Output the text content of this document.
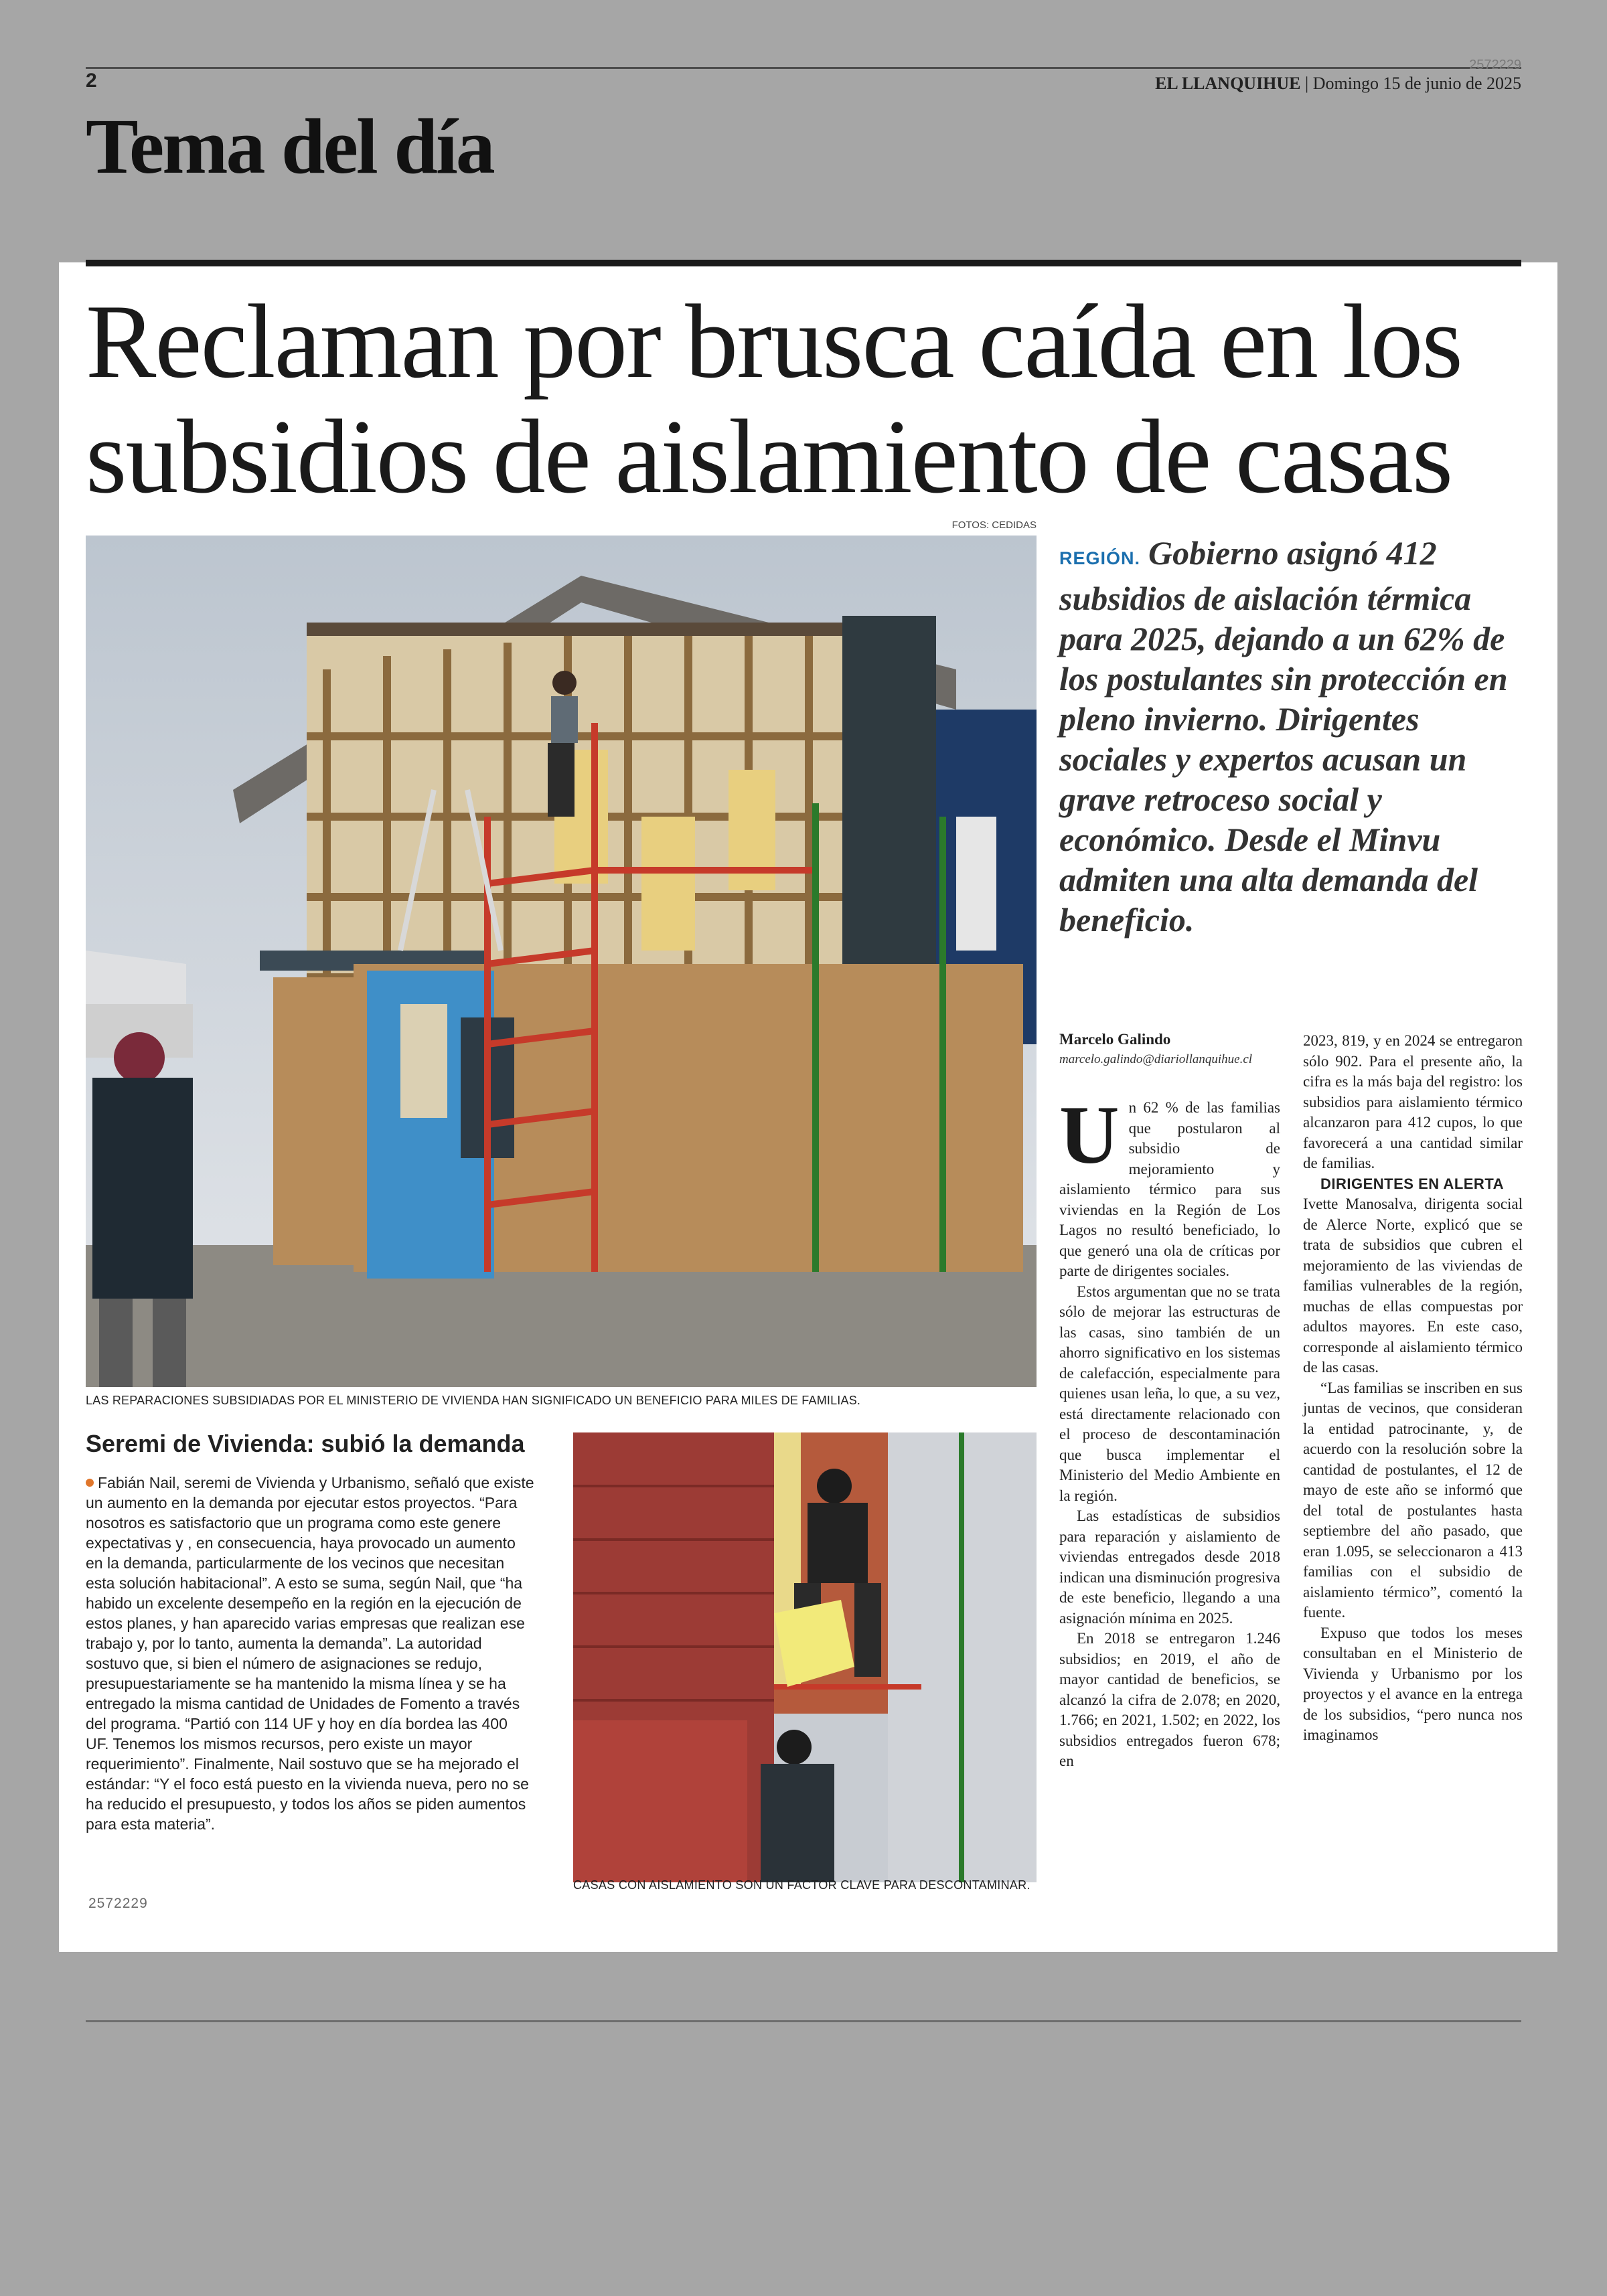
2572229
2	EL LLANQUIHUE | Domingo 15 de junio de 2025
Tema del día
Reclaman por brusca caída en los
subsidios de aislamiento de casas
FOTOS: CEDIDAS
LAS REPARACIONES SUBSIDIADAS POR EL MINISTERIO DE VIVIENDA HAN SIGNIFICADO UN BENEFICIO PARA MILES DE FAMILIAS.
REGIÓN. Gobierno asignó 412 subsidios de aislación térmica para 2025, dejando a un 62% de los postulantes sin protección en pleno invierno. Dirigentes sociales y expertos acusan un grave retroceso social y económico. Desde el Minvu admiten una alta demanda del beneficio.
Marcelo Galindo
marcelo.galindo@diariollanquihue.cl

Un 62 % de las familias que postularon al subsidio de mejoramiento y aislamiento térmico para sus viviendas en la Región de Los Lagos no resultó beneficiado, lo que generó una ola de críticas por parte de dirigentes sociales.

Estos argumentan que no se trata sólo de mejorar las estructuras de las casas, sino también de un ahorro significativo en los sistemas de calefacción, especialmente para quienes usan leña, lo que, a su vez, está directamente relacionado con el proceso de descontaminación que busca implementar el Ministerio del Medio Ambiente en la región.

Las estadísticas de subsidios para reparación y aislamiento de viviendas entregados desde 2018 indican una disminución progresiva de este beneficio, llegando a una asignación mínima en 2025.

En 2018 se entregaron 1.246 subsidios; en 2019, el año de mayor cantidad de beneficios, se alcanzó la cifra de 2.078; en 2020, 1.766; en 2021, 1.502; en 2022, los subsidios entregados fueron 678; en

2023, 819, y en 2024 se entregaron sólo 902. Para el presente año, la cifra es la más baja del registro: los subsidios para aislamiento térmico alcanzaron para 412 cupos, lo que favorecerá a una cantidad similar de familias.

DIRIGENTES EN ALERTA

Ivette Manosalva, dirigenta social de Alerce Norte, explicó que se trata de subsidios que cubren el mejoramiento de las viviendas de familias vulnerables de la región, muchas de ellas compuestas por adultos mayores. En este caso, corresponde al aislamiento térmico de las casas.

“Las familias se inscriben en sus juntas de vecinos, que consideran la entidad patrocinante, y, de acuerdo con la resolución sobre la cantidad de postulantes, el 12 de mayo de este año se informó que del total de postulantes hasta septiembre del año pasado, que eran 1.095, se seleccionaron a 413 familias con el subsidio de aislamiento térmico”, comentó la fuente.

Expuso que todos los meses consultaban en el Ministerio de Vivienda y Urbanismo por los proyectos y el avance en la entrega de los subsidios, “pero nunca nos imaginamos

Seremi de Vivienda: subió la demanda
Fabián Nail, seremi de Vivienda y Urbanismo, señaló que existe un aumento en la demanda por ejecutar estos proyectos. “Para nosotros es satisfactorio que un programa como este genere expectativas y , en consecuencia, haya provocado un aumento en la demanda, particularmente de los vecinos que necesitan esta solución habitacional”. A esto se suma, según Nail, que “ha habido un excelente desempeño en la región en la ejecución de estos planes, y han aparecido varias empresas que realizan ese trabajo y, por lo tanto, aumenta la demanda”. La autoridad sostuvo que, si bien el número de asignaciones se redujo, presupuestariamente se ha mantenido la misma línea y se ha entregado la misma cantidad de Unidades de Fomento a través del programa. “Partió con 114 UF y hoy en día bordea las 400 UF. Tenemos los mismos recursos, pero existe un mayor requerimiento”. Finalmente, Nail sostuvo que se ha mejorado el estándar: “Y el foco está puesto en la vivienda nueva, pero no se ha reducido el presupuesto, y todos los años se piden aumentos para esta materia”.
CASAS CON AISLAMIENTO SON UN FACTOR CLAVE PARA DESCONTAMINAR.
2572229
